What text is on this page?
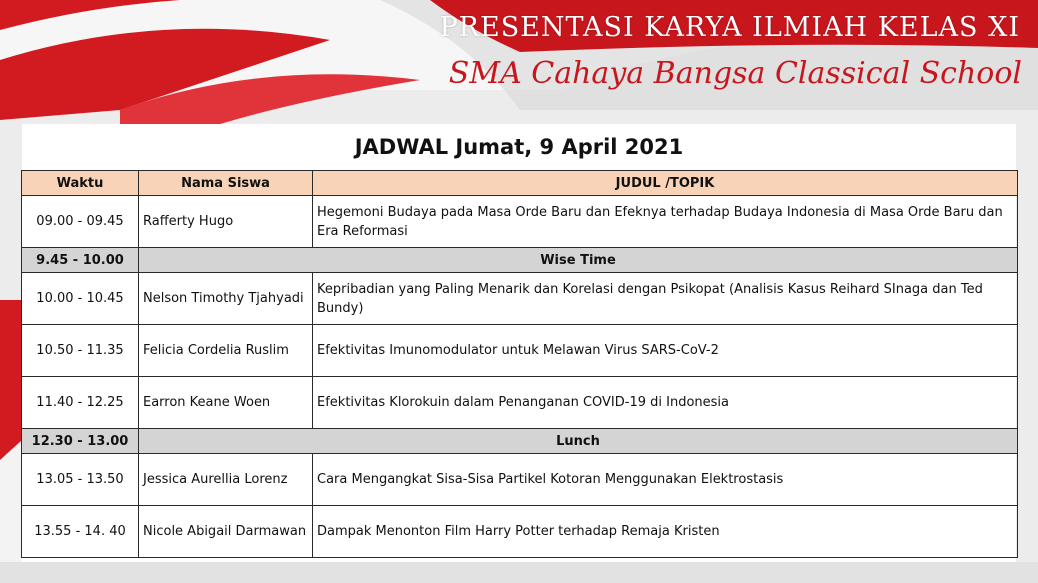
PRESENTASI KARYA ILMIAH KELAS XI
SMA Cahaya Bangsa Classical School
JADWAL Jumat, 9 April 2021
Waktu	Nama Siswa	JUDUL /TOPIK
09.00 - 09.45	Rafferty Hugo	Hegemoni Budaya pada Masa Orde Baru dan Efeknya terhadap Budaya Indonesia di Masa Orde Baru dan Era Reformasi
9.45 - 10.00	Wise Time	
10.00 - 10.45	Nelson Timothy Tjahyadi	Kepribadian yang Paling Menarik dan Korelasi dengan Psikopat (Analisis Kasus Reihard SInaga dan Ted Bundy)
10.50 - 11.35	Felicia Cordelia Ruslim	Efektivitas Imunomodulator untuk Melawan Virus SARS-CoV-2
11.40 - 12.25	Earron Keane Woen	Efektivitas Klorokuin dalam Penanganan COVID-19 di Indonesia
12.30 - 13.00	Lunch	
13.05 - 13.50	Jessica Aurellia Lorenz	Cara Mengangkat Sisa-Sisa Partikel Kotoran Menggunakan Elektrostasis
13.55 - 14. 40	Nicole Abigail Darmawan	Dampak Menonton Film Harry Potter terhadap Remaja Kristen
